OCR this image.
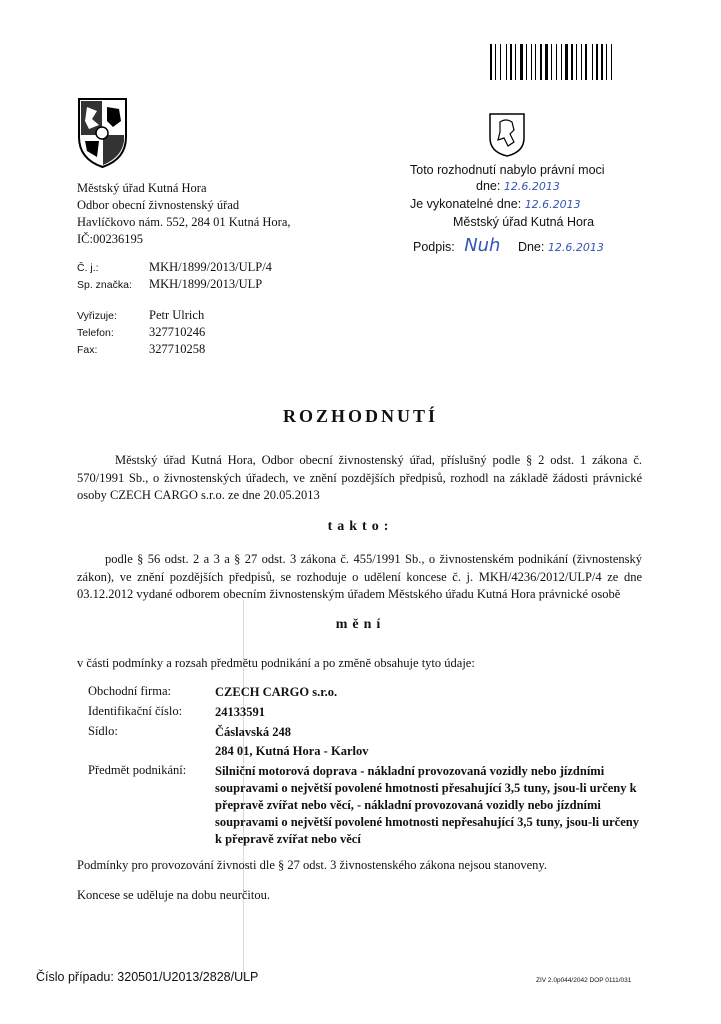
Městský úřad Kutná Hora
Odbor obecní živnostenský úřad
Havlíčkovo nám. 552, 284 01 Kutná Hora,
IČ:00236195
Č. j.:	MKH/1899/2013/ULP/4
Sp. značka: MKH/1899/2013/ULP
Vyřizuje:	Petr Ulrich
Telefon:	327710246
Fax:	327710258
Toto rozhodnutí nabylo právní moci
dne: 12.6.2013
Je vykonatelné dne: 12.6.2013
Městský úřad Kutná Hora
Podpis: Nuh Dne: 12.6.2013
ROZHODNUTÍ
Městský úřad Kutná Hora, Odbor obecní živnostenský úřad, příslušný podle § 2 odst. 1 zákona č. 570/1991 Sb., o živnostenských úřadech, ve znění pozdějších předpisů, rozhodl na základě žádosti právnické osoby CZECH CARGO s.r.o. ze dne 20.05.2013
takto:
podle § 56 odst. 2 a 3 a § 27 odst. 3 zákona č. 455/1991 Sb., o živnostenském podnikání (živnostenský zákon), ve znění pozdějších předpisů, se rozhoduje o udělení koncese č. j. MKH/4236/2012/ULP/4 ze dne 03.12.2012 vydané odborem obecním živnostenským úřadem Městského úřadu Kutná Hora právnické osobě
mění
v části podmínky a rozsah předmětu podnikání a po změně obsahuje tyto údaje:
Obchodní firma:	CZECH CARGO s.r.o.
Identifikační číslo:	24133591
Sídlo:	Čáslavská 248
284 01, Kutná Hora - Karlov
Předmět podnikání: Silniční motorová doprava - nákladní provozovaná vozidly nebo jízdními soupravami o největší povolené hmotnosti přesahující 3,5 tuny, jsou-li určeny k přepravě zvířat nebo věcí, - nákladní provozovaná vozidly nebo jízdními soupravami o největší povolené hmotnosti nepřesahující 3,5 tuny, jsou-li určeny k přepravě zvířat nebo věcí
Podmínky pro provozování živnosti dle § 27 odst. 3 živnostenského zákona nejsou stanoveny.
Koncese se uděluje na dobu neurčitou.
Číslo případu: 320501/U2013/2828/ULP	ZIV 2.0p044/2042 DOP 0111/031
